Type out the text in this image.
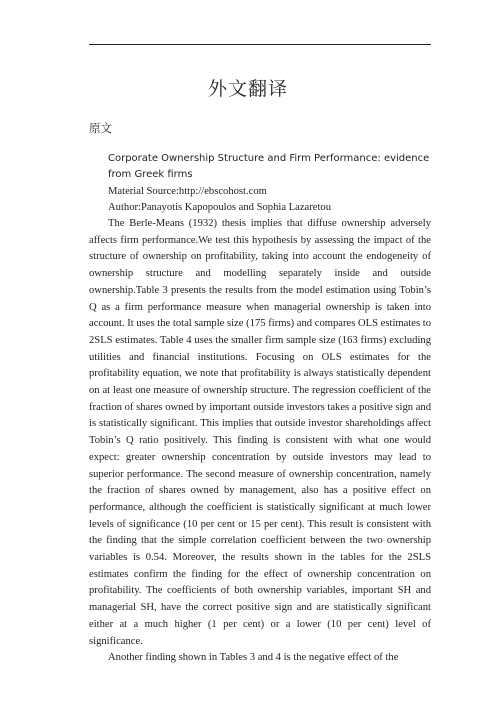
外文翻译
原文
Corporate Ownership Structure and Firm Performance: evidence from Greek firms
Material Source:http://ebscohost.com
Author:Panayotis Kapopoulos and Sophia Lazaretou

The Berle-Means (1932) thesis implies that diffuse ownership adversely affects firm performance.We test this hypothesis by assessing the impact of the structure of ownership on profitability, taking into account the endogeneity of ownership structure and modelling separately inside and outside ownership.Table 3 presents the results from the model estimation using Tobin’s Q as a firm performance measure when managerial ownership is taken into account. It uses the total sample size (175 firms) and compares OLS estimates to 2SLS estimates. Table 4 uses the smaller firm sample size (163 firms) excluding utilities and financial institutions. Focusing on OLS estimates for the profitability equation, we note that profitability is always statistically dependent on at least one measure of ownership structure. The regression coefficient of the fraction of shares owned by important outside investors takes a positive sign and is statistically significant. This implies that outside investor shareholdings affect Tobin’s Q ratio positively. This finding is consistent with what one would expect: greater ownership concentration by outside investors may lead to superior performance. The second measure of ownership concentration, namely the fraction of shares owned by management, also has a positive effect on performance, although the coefficient is statistically significant at much lower levels of significance (10 per cent or 15 per cent). This result is consistent with the finding that the simple correlation coefficient between the two ownership variables is 0.54. Moreover, the results shown in the tables for the 2SLS estimates confirm the finding for the effect of ownership concentration on profitability. The coefficients of both ownership variables, important SH and managerial SH, have the correct positive sign and are statistically significant either at a much higher (1 per cent) or a lower (10 per cent) level of significance.

Another finding shown in Tables 3 and 4 is the negative effect of the
